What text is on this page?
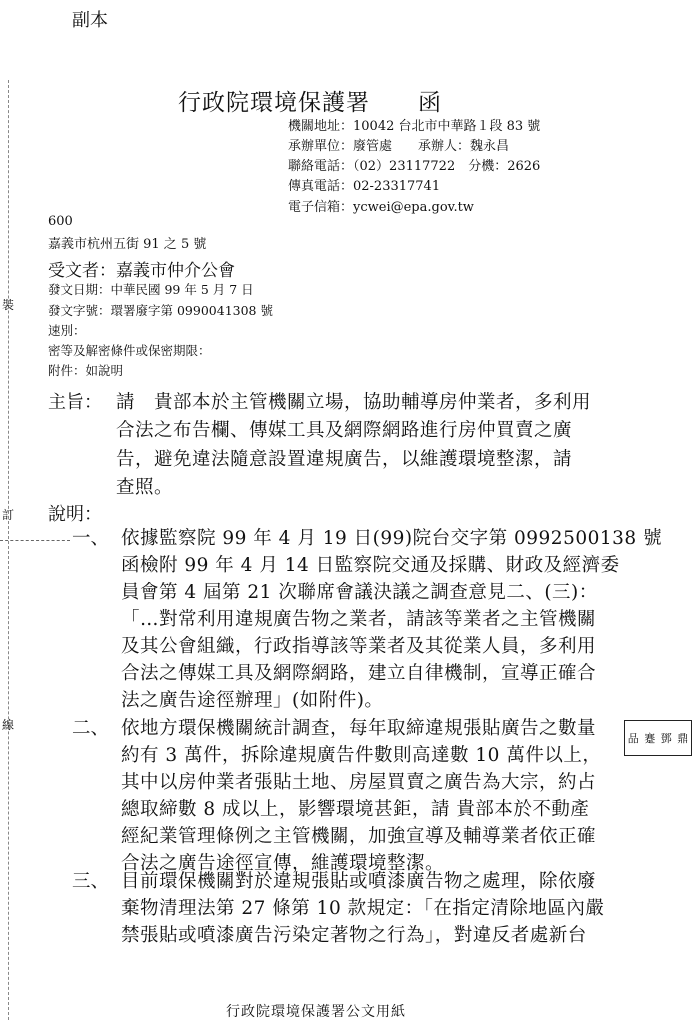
裝
訂
線
副本
行政院環境保護署　　函
機關地址：10042 台北市中華路１段 83 號
承辦單位：廢管處　　承辦人：魏永昌
聯絡電話：（02）23117722　分機：2626
傳真電話：02-23317741
電子信箱：ycwei@epa.gov.tw
600
嘉義市杭州五街 91 之 5 號
受文者：嘉義市仲介公會
發文日期：中華民國 99 年 5 月 7 日
發文字號：環署廢字第 0990041308 號
速別：
密等及解密條件或保密期限：
附件：如說明
主旨： 請　貴部本於主管機關立場，協助輔導房仲業者，多利用
合法之布告欄、傳媒工具及網際網路進行房仲買賣之廣
告，避免違法隨意設置違規廣告，以維護環境整潔，請
查照。
說明：
一、 依據監察院 99 年 4 月 19 日(99)院台交字第 0992500138 號
函檢附 99 年 4 月 14 日監察院交通及採購、財政及經濟委
員會第 4 屆第 21 次聯席會議決議之調查意見二、(三)：
「…對常利用違規廣告物之業者，請該等業者之主管機關
及其公會組織，行政指導該等業者及其從業人員，多利用
合法之傳媒工具及網際網路，建立自律機制，宣導正確合
法之廣告途徑辦理」(如附件)。
二、 依地方環保機關統計調查，每年取締違規張貼廣告之數量
約有 3 萬件，拆除違規廣告件數則高達數 10 萬件以上，
其中以房仲業者張貼土地、房屋買賣之廣告為大宗，約占
總取締數 8 成以上，影響環境甚鉅，請 貴部本於不動產
經紀業管理條例之主管機關，加強宣導及輔導業者依正確
合法之廣告途徑宣傳，維護環境整潔。
三、 目前環保機關對於違規張貼或噴漆廣告物之處理，除依廢
棄物清理法第 27 條第 10 款規定：「在指定清除地區內嚴
禁張貼或噴漆廣告污染定著物之行為」，對違反者處新台
品 蹇 鄧 鼎
行政院環境保護署公文用紙
